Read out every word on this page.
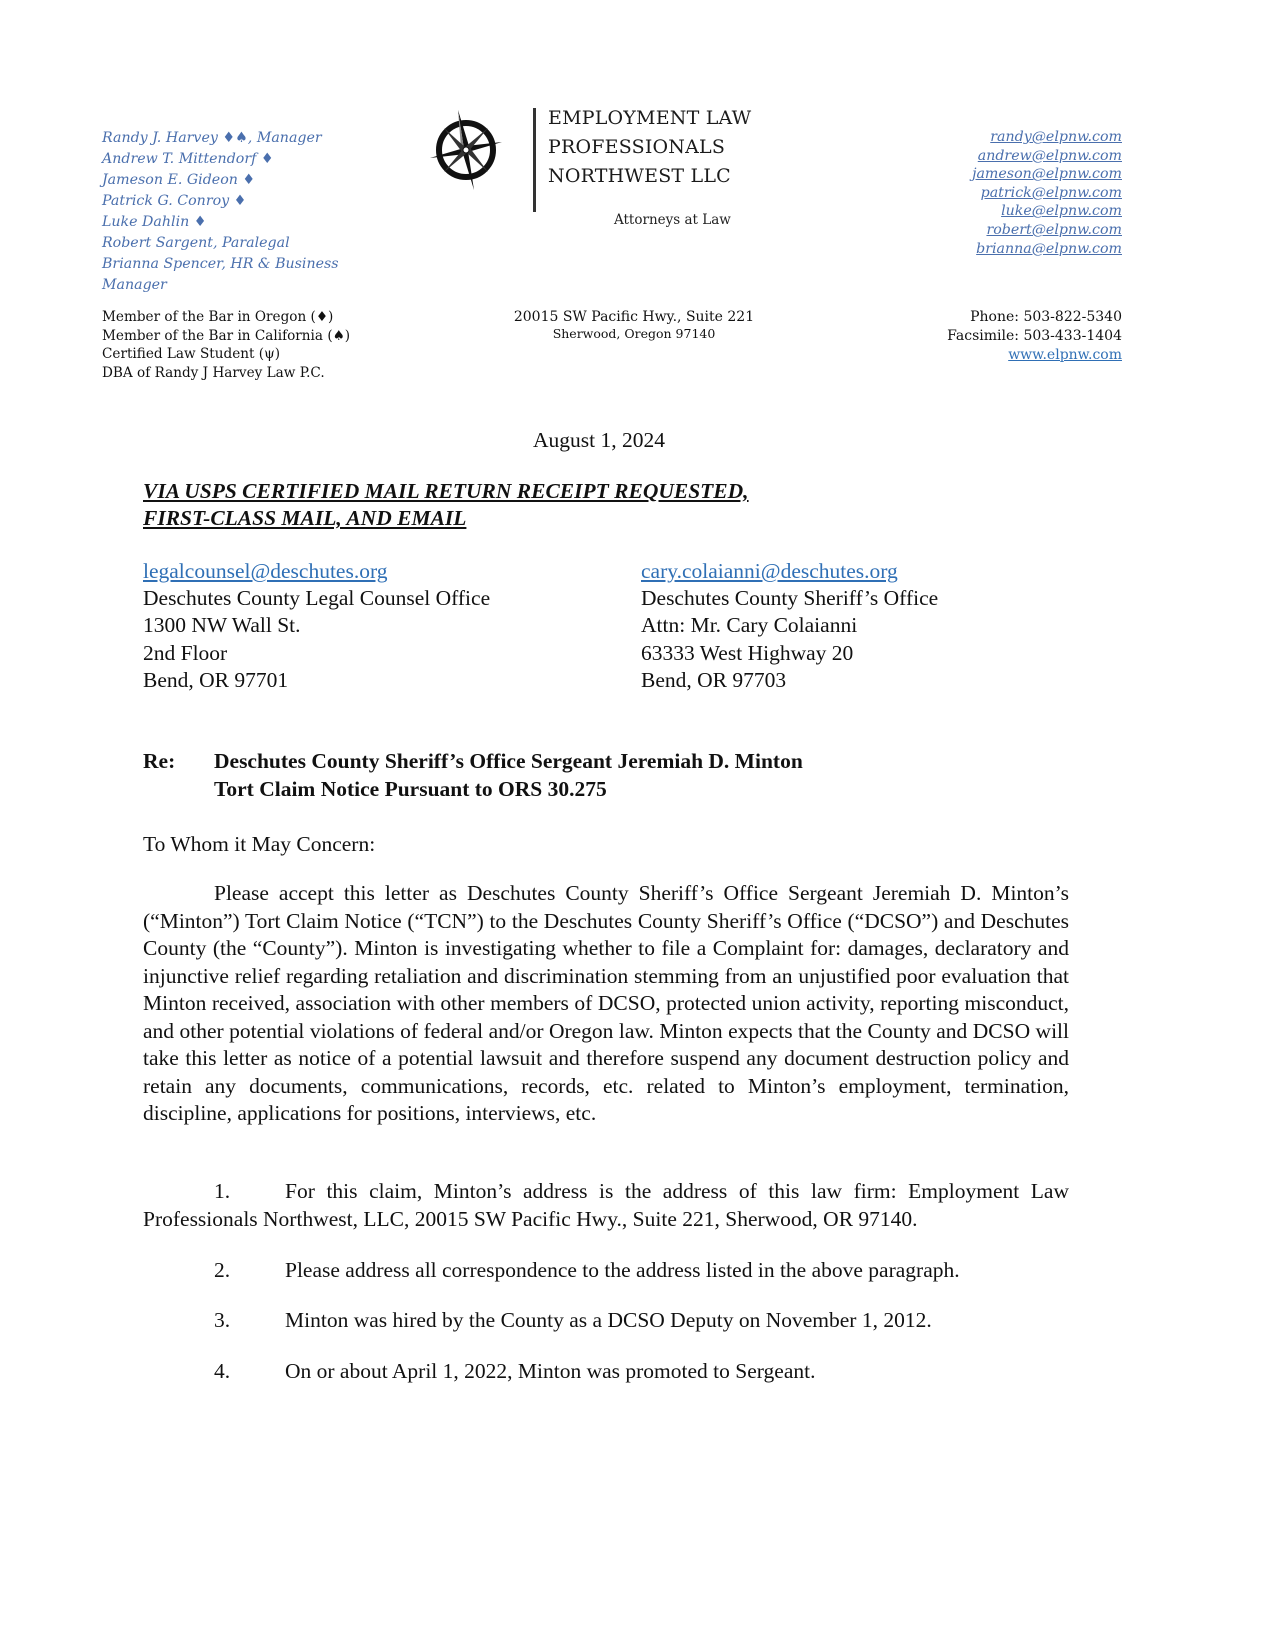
Randy J. Harvey ♦♠, Manager
Andrew T. Mittendorf ♦
Jameson E. Gideon ♦
Patrick G. Conroy ♦
Luke Dahlin ♦
Robert Sargent, Paralegal
Brianna Spencer, HR & Business Manager
EMPLOYMENT LAW
PROFESSIONALS
NORTHWEST LLC
Attorneys at Law
randy@elpnw.com
andrew@elpnw.com
jameson@elpnw.com
patrick@elpnw.com
luke@elpnw.com
robert@elpnw.com
brianna@elpnw.com
Member of the Bar in Oregon (♦)
Member of the Bar in California (♠)
Certified Law Student (ψ)
DBA of Randy J Harvey Law P.C.
20015 SW Pacific Hwy., Suite 221
Sherwood, Oregon 97140
Phone: 503-822-5340
Facsimile: 503-433-1404
www.elpnw.com
August 1, 2024
VIA USPS CERTIFIED MAIL RETURN RECEIPT REQUESTED,
FIRST-CLASS MAIL, AND EMAIL
legalcounsel@deschutes.org
Deschutes County Legal Counsel Office
1300 NW Wall St.
2nd Floor
Bend, OR 97701
cary.colaianni@deschutes.org
Deschutes County Sheriff’s Office
Attn: Mr. Cary Colaianni
63333 West Highway 20
Bend, OR 97703
Re: Deschutes County Sheriff’s Office Sergeant Jeremiah D. Minton
Tort Claim Notice Pursuant to ORS 30.275
To Whom it May Concern:
Please accept this letter as Deschutes County Sheriff’s Office Sergeant Jeremiah D. Minton’s (“Minton”) Tort Claim Notice (“TCN”) to the Deschutes County Sheriff’s Office (“DCSO”) and Deschutes County (the “County”). Minton is investigating whether to file a Complaint for: damages, declaratory and injunctive relief regarding retaliation and discrimination stemming from an unjustified poor evaluation that Minton received, association with other members of DCSO, protected union activity, reporting misconduct, and other potential violations of federal and/or Oregon law. Minton expects that the County and DCSO will take this letter as notice of a potential lawsuit and therefore suspend any document destruction policy and retain any documents, communications, records, etc. related to Minton’s employment, termination, discipline, applications for positions, interviews, etc.
1.	For this claim, Minton’s address is the address of this law firm: Employment Law Professionals Northwest, LLC, 20015 SW Pacific Hwy., Suite 221, Sherwood, OR 97140.
2.	Please address all correspondence to the address listed in the above paragraph.
3.	Minton was hired by the County as a DCSO Deputy on November 1, 2012.
4.	On or about April 1, 2022, Minton was promoted to Sergeant.
